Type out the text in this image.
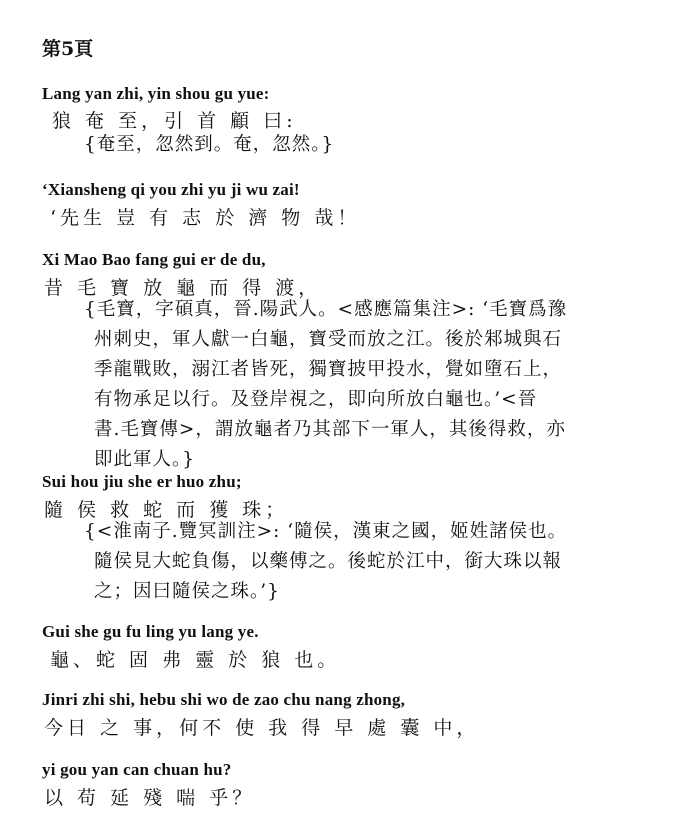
第5頁
Lang yan zhi, yin shou gu yue:
狼 奄 至，引 首 顧 曰:
{奄至，忽然到。奄，忽然。}
‘Xiansheng qi you zhi yu ji wu zai!
‘先生 豈 有 志 於 濟 物 哉！
Xi Mao Bao fang gui er de du,
昔 毛 寶 放 龜 而 得 渡，
{毛寶，字碩真，晉.陽武人。<感應篇集注>: ‘毛寶爲豫
州刺史，軍人獻一白龜，寶受而放之江。後於邾城與石
季龍戰敗，溺江者皆死，獨寶披甲投水，覺如墮石上，
有物承足以行。及登岸視之，即向所放白龜也。’<晉
書.毛寶傳>，謂放龜者乃其部下一軍人，其後得救，亦
即此軍人。}
Sui hou jiu she er huo zhu;
隨 侯 救 蛇 而 獲 珠；
{<淮南子.覽冥訓注>: ‘隨侯，漢東之國，姬姓諸侯也。
隨侯見大蛇負傷，以藥傅之。後蛇於江中，銜大珠以報
之；因曰隨侯之珠。’}
Gui she gu fu ling yu lang ye.
龜、蛇 固 弗 靈 於 狼 也。
Jinri zhi shi, hebu shi wo de zao chu nang zhong,
今日 之 事，何不 使 我 得 早 處 囊 中，
yi gou yan can chuan hu?
以 苟 延 殘 喘 乎？
